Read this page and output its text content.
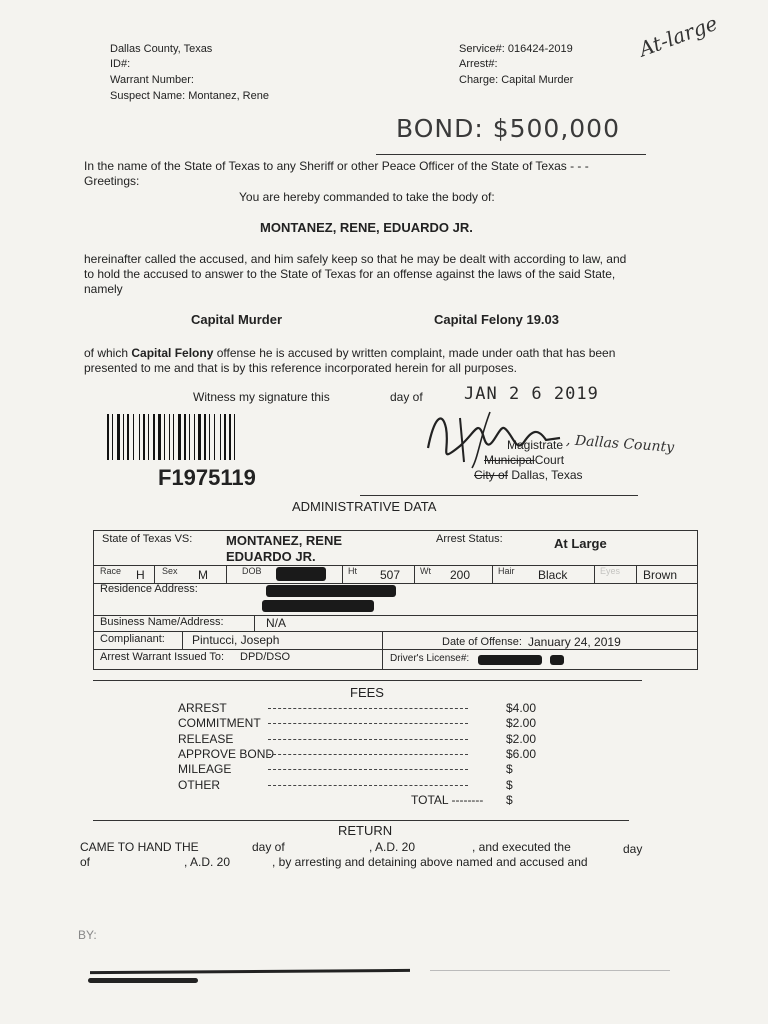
Dallas County, Texas
ID#:
Warrant Number:
Suspect Name: Montanez, Rene
Service#: 016424-2019
Arrest#:
Charge: Capital Murder
At-large
BOND: $500,000
In the name of the State of Texas to any Sheriff or other Peace Officer of the State of Texas - - -
Greetings:
You are hereby commanded to take the body of:
MONTANEZ, RENE, EDUARDO JR.
hereinafter called the accused, and him safely keep so that he may be dealt with according to law, and
to hold the accused to answer to the State of Texas for an offense against the laws of the said State,
namely
Capital Murder	Capital Felony 19.03
of which Capital Felony offense he is accused by written complaint, made under oath that has been
presented to me and that is by this reference incorporated herein for all purposes.
Witness my signature this	day of JAN 2 6 2019
F1975119
Magistrate , Dallas County
MunicipalCourt
City of Dallas, Texas
ADMINISTRATIVE DATA
State of Texas VS:	MONTANEZ, RENE
EDUARDO JR.
Arrest Status:	At Large
Race H Sex M	DOB	Ht 507 Wt 200	Hair Black	Eyes Brown
Residence Address:
Business Name/Address:	N/A
Complianant: Pintucci, Joseph	Date of Offense: January 24, 2019
Arrest Warrant Issued To: DPD/DSO	Driver's License#:
FEES
ARREST	$4.00
COMMITMENT	$2.00
RELEASE	$2.00
APPROVE BOND	$6.00
MILEAGE	$
OTHER	$
TOTAL -------- $
RETURN
CAME TO HAND THE	day of	, A.D. 20	, and executed the	day
of	, A.D. 20	, by arresting and detaining above named and accused and
BY:
